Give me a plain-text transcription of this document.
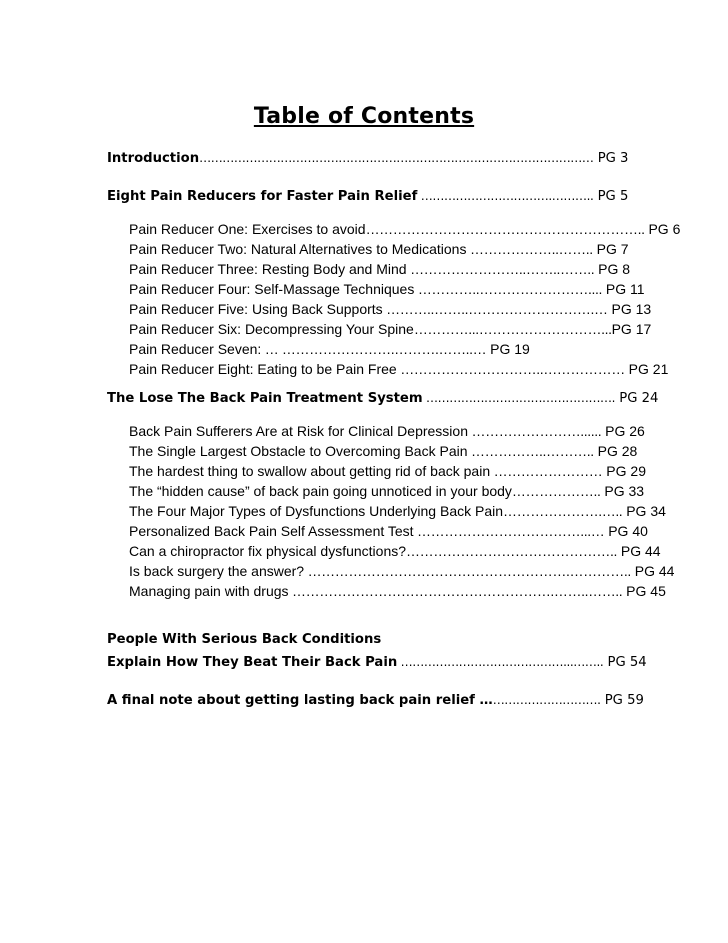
Table of Contents
Introduction………………………………………………………………………………………… PG 3
Eight Pain Reducers for Faster Pain Relief …………………………….……….. PG 5
Pain Reducer One: Exercises to avoid…………………………………………………….. PG 6
Pain Reducer Two: Natural Alternatives to Medications ………………..…….. PG 7
Pain Reducer Three: Resting Body and Mind ……………………..……..…….. PG 8
Pain Reducer Four: Self-Massage Techniques …………..…………………….... PG 11
Pain Reducer Five: Using Back Supports ………..……..……………………….… PG 13
Pain Reducer Six: Decompressing Your Spine…………...………………………...PG 17
Pain Reducer Seven: … …………………….……….……..… PG 19
Pain Reducer Eight: Eating to be Pain Free …………………………..……………… PG 21
The Lose The Back Pain Treatment System …………………………………………. PG 24
Back Pain Sufferers Are at Risk for Clinical Depression ……………………...... PG 26
The Single Largest Obstacle to Overcoming Back Pain ……………..……….. PG 28
The hardest thing to swallow about getting rid of back pain …………………… PG 29
The “hidden cause” of back pain going unnoticed in your body……………….. PG 33
The Four Major Types of Dysfunctions Underlying Back Pain………………….….. PG 34
Personalized Back Pain Self Assessment Test ………………………………...… PG 40
Can a chiropractor fix physical dysfunctions?……………………………………….. PG 44
Is back surgery the answer? ………………………………………………….………….. PG 44
Managing pain with drugs ………………………………………………….……..…….. PG 45
People With Serious Back Conditions
Explain How They Beat Their Back Pain ……………………………………...…….. PG 54
A final note about getting lasting back pain relief …………………………. PG 59
